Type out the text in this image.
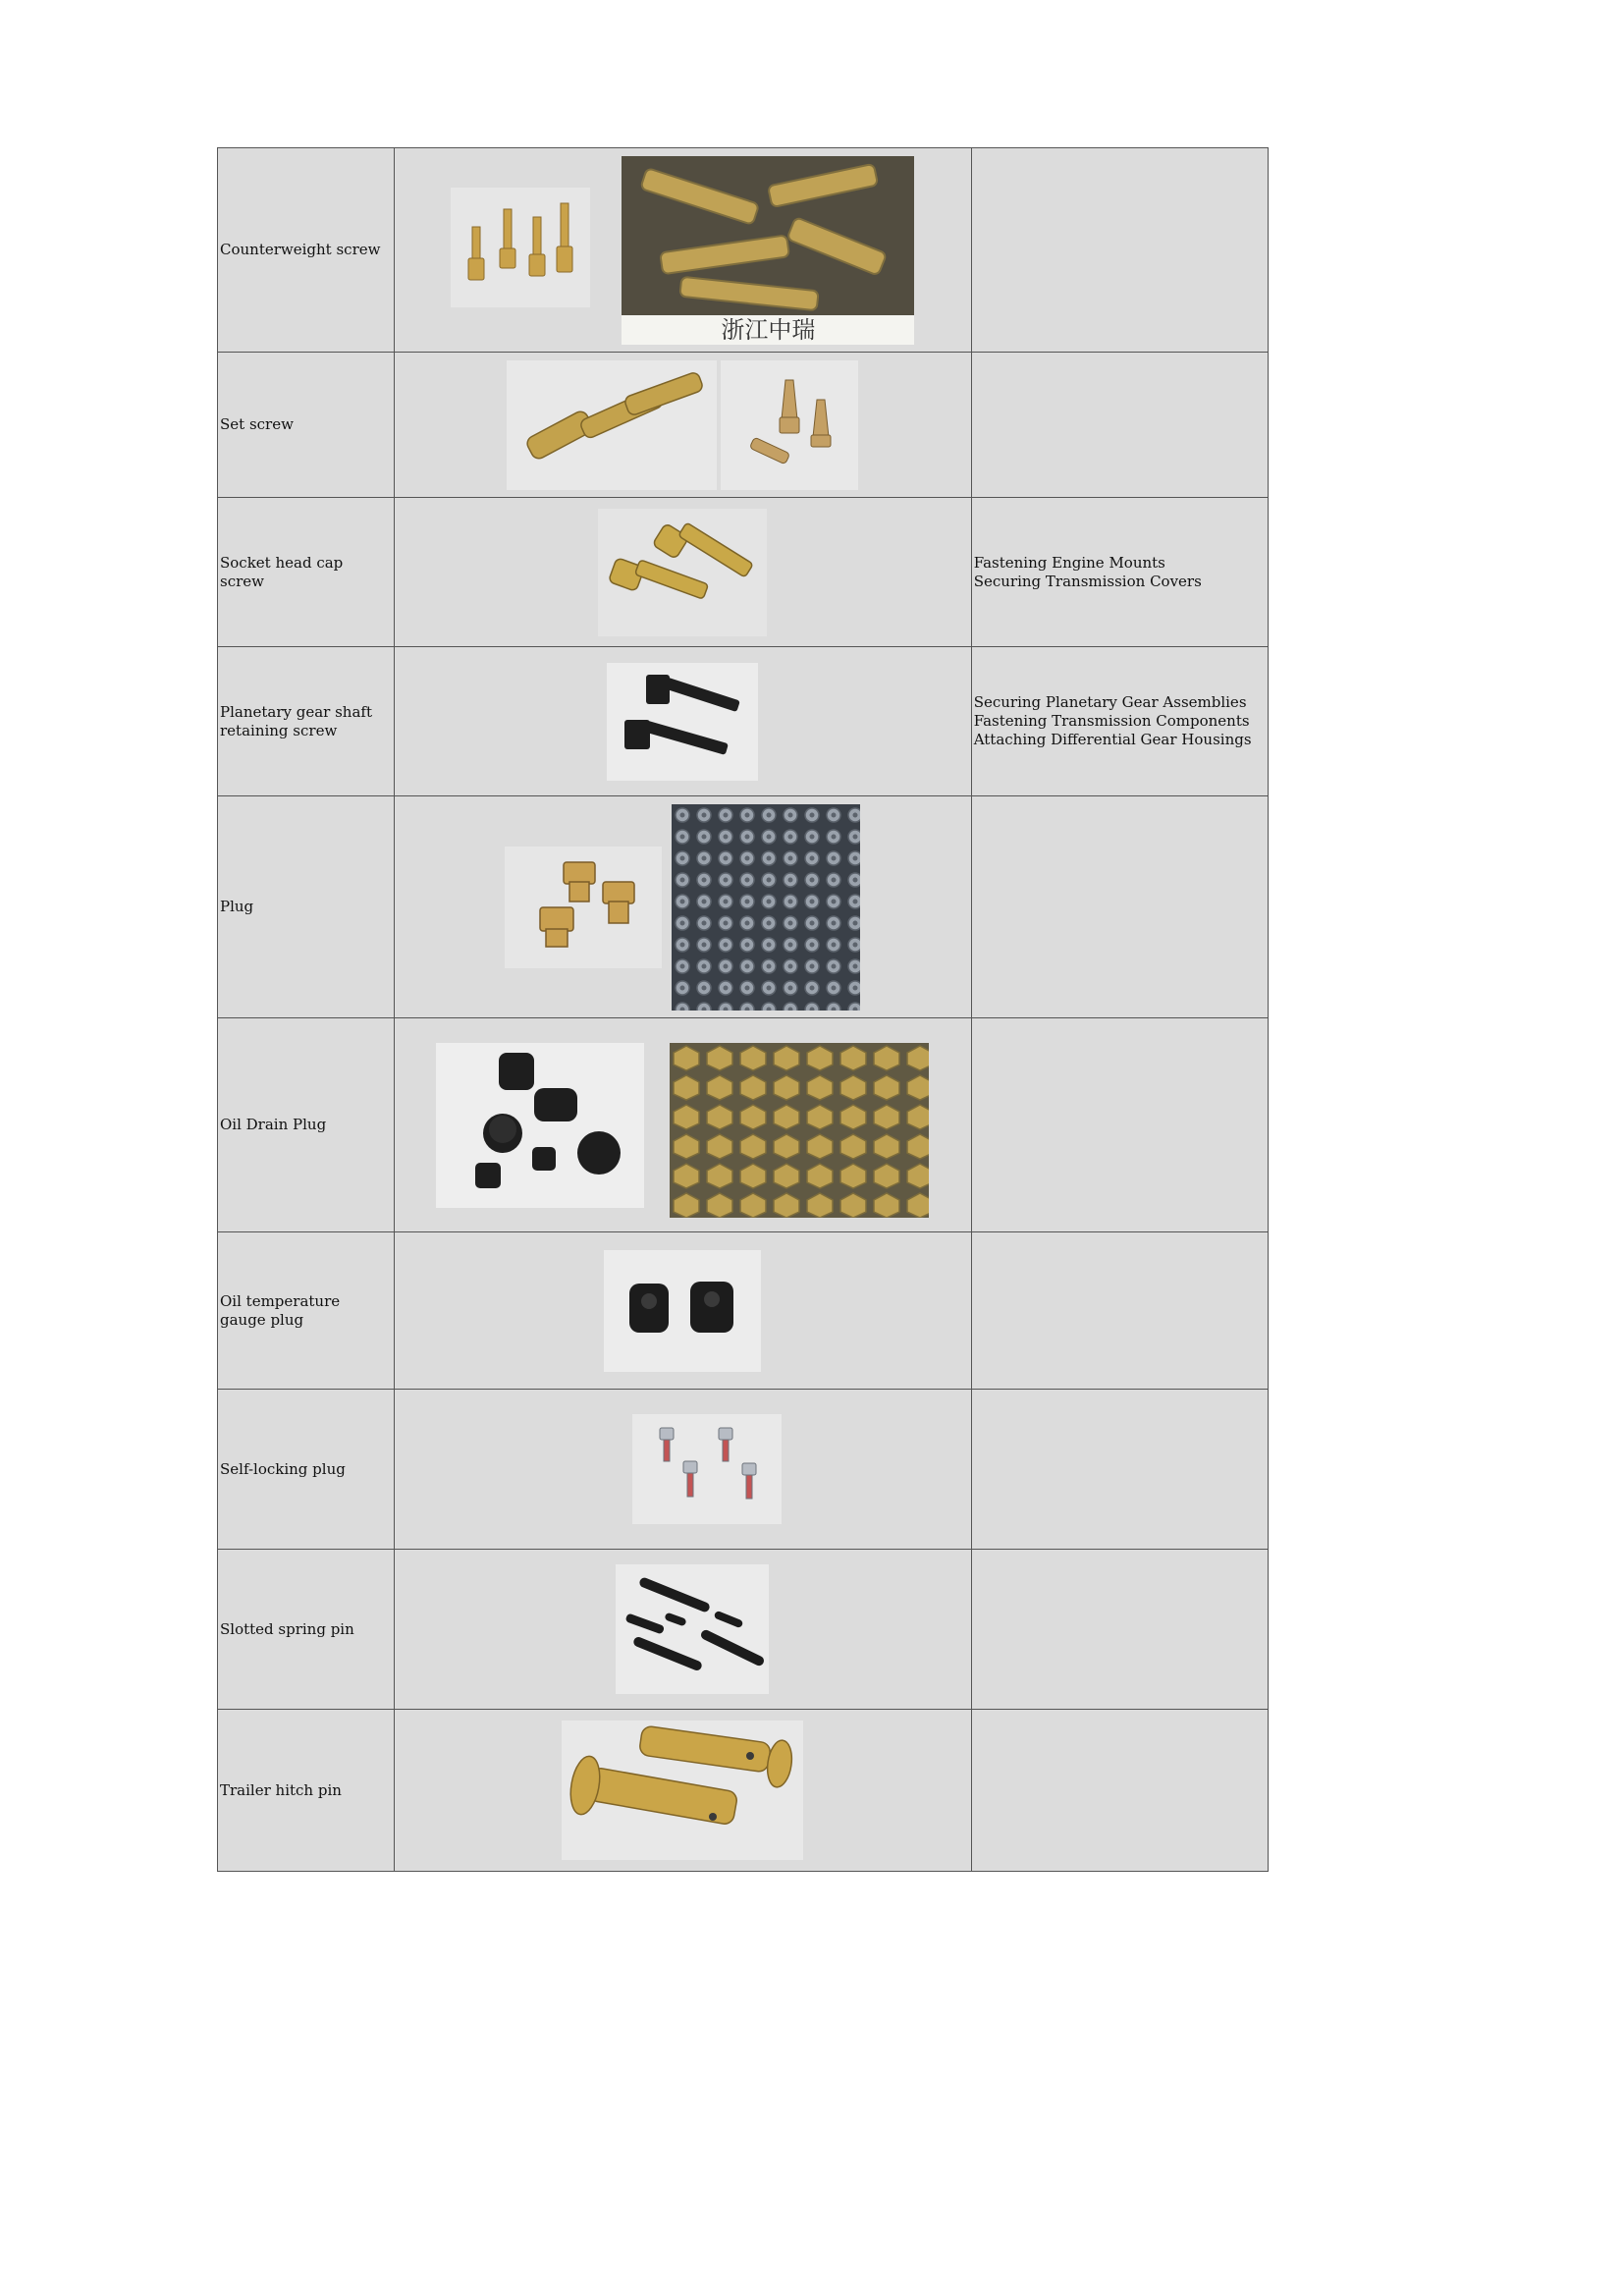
Counterweight screw	浙江中瑞	

Set screw	

Socket head cap screw		Fastening Engine Mounts
Securing Transmission Covers

Planetary gear shaft retaining screw		Securing Planetary Gear Assemblies
Fastening Transmission Components
Attaching Differential Gear Housings

Plug	

Oil Drain Plug	

Oil temperature gauge plug	

Self-locking plug	

Slotted spring pin	

Trailer hitch pin	
